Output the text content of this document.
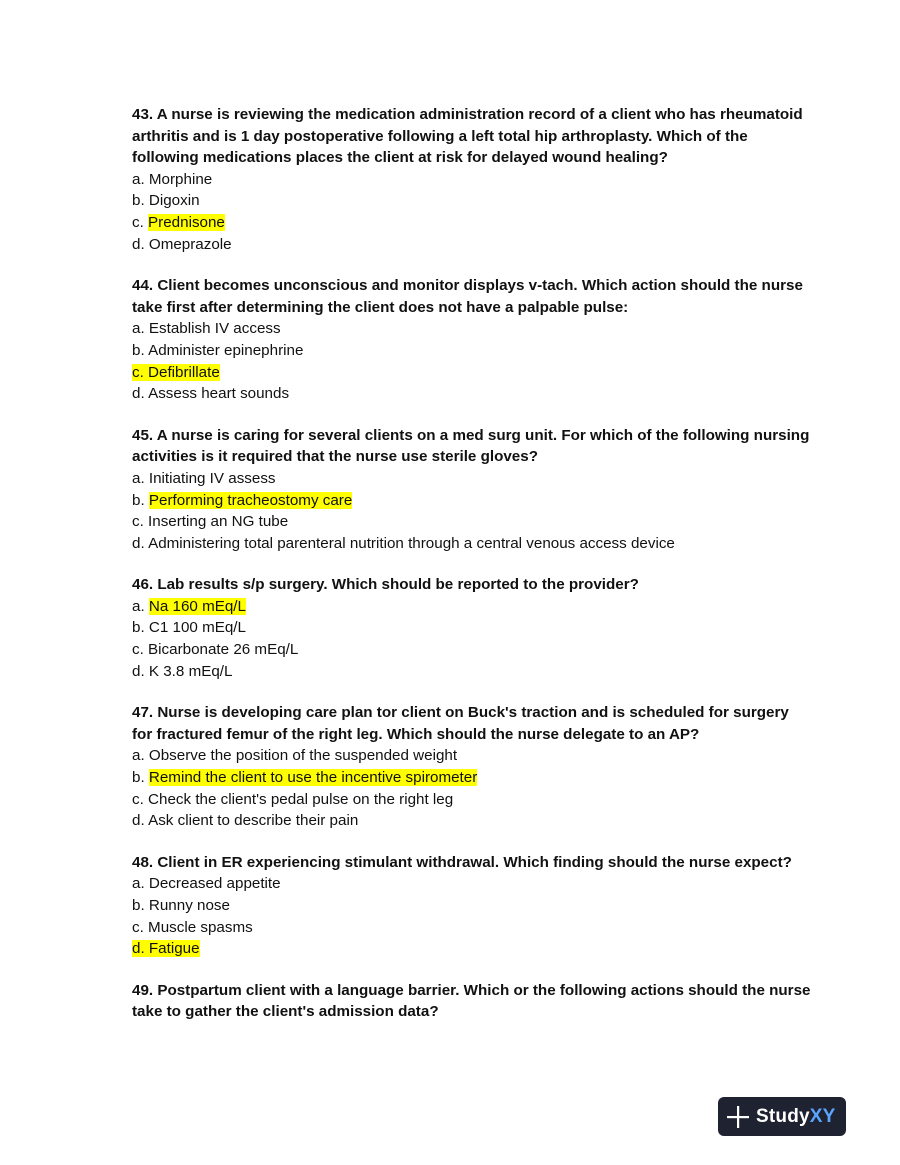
43. A nurse is reviewing the medication administration record of a client who has rheumatoid arthritis and is 1 day postoperative following a left total hip arthroplasty. Which of the following medications places the client at risk for delayed wound healing?

a. Morphine

b. Digoxin

c. Prednisone

d. Omeprazole

44. Client becomes unconscious and monitor displays v-tach. Which action should the nurse take first after determining the client does not have a palpable pulse:

a. Establish IV access

b. Administer epinephrine

c. Defibrillate

d. Assess heart sounds

45. A nurse is caring for several clients on a med surg unit. For which of the following nursing activities is it required that the nurse use sterile gloves?

a. Initiating IV assess

b. Performing tracheostomy care

c. Inserting an NG tube

d. Administering total parenteral nutrition through a central venous access device

46. Lab results s/p surgery. Which should be reported to the provider?

a. Na 160 mEq/L

b. C1 100 mEq/L

c. Bicarbonate 26 mEq/L

d. K 3.8 mEq/L

47. Nurse is developing care plan tor client on Buck's traction and is scheduled for surgery for fractured femur of the right leg. Which should the nurse delegate to an AP?

a. Observe the position of the suspended weight

b. Remind the client to use the incentive spirometer

c. Check the client's pedal pulse on the right leg

d. Ask client to describe their pain

48. Client in ER experiencing stimulant withdrawal. Which finding should the nurse expect?

a. Decreased appetite

b. Runny nose

c. Muscle spasms

d. Fatigue

49. Postpartum client with a language barrier. Which or the following actions should the nurse take to gather the client's admission data?

StudyXY
